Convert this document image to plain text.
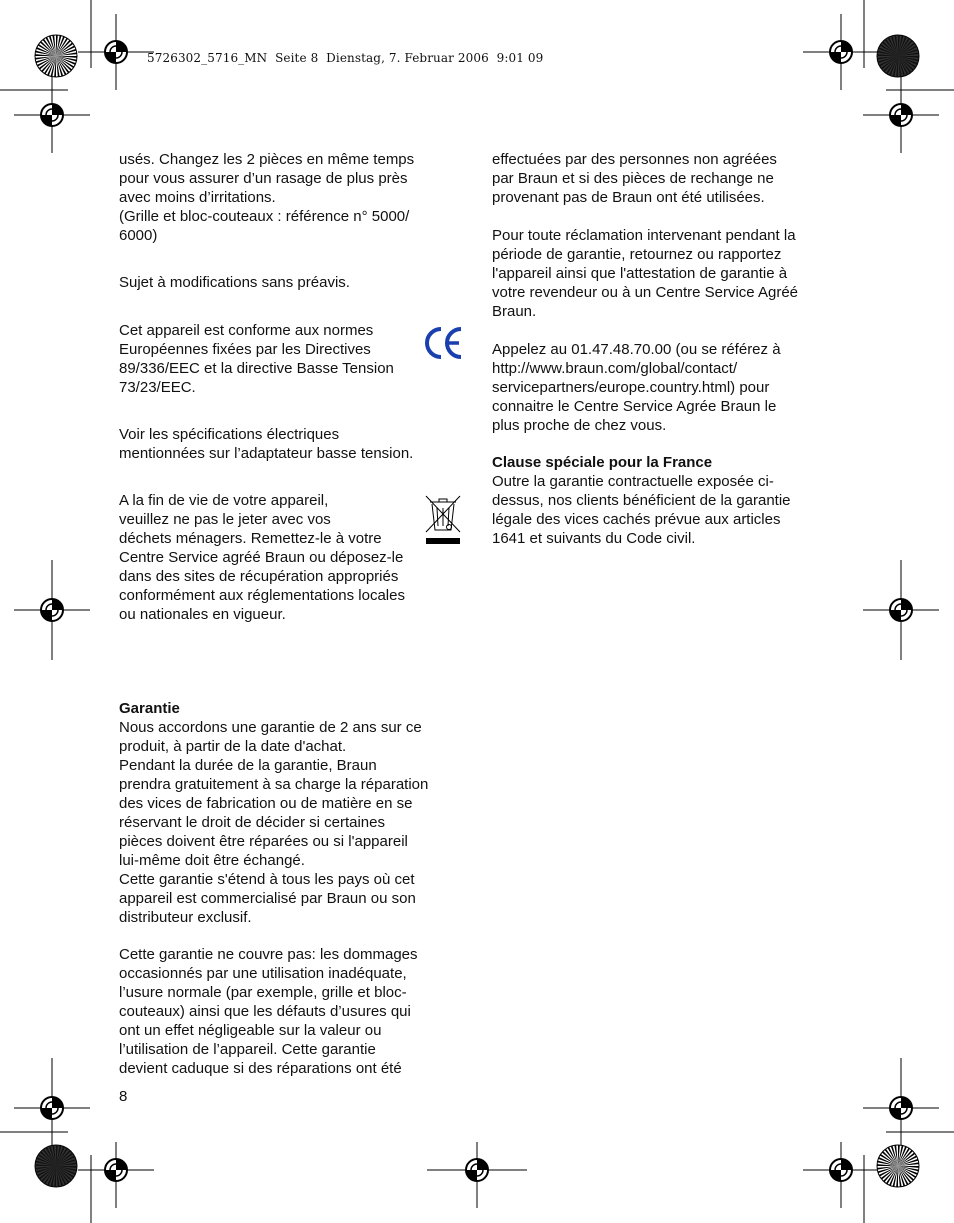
5726302_5716_MN  Seite 8  Dienstag, 7. Februar 2006  9:01 09

usés. Changez les 2 pièces en même temps
pour vous assurer d’un rasage de plus près
avec moins d’irritations.
(Grille et bloc-couteaux : référence n° 5000/
6000)

Sujet à modifications sans préavis.

Cet appareil est conforme aux normes
Européennes fixées par les Directives
89/336/EEC et la directive Basse Tension
73/23/EEC.

Voir les spécifications électriques
mentionnées sur l’adaptateur basse tension.

A la fin de vie de votre appareil,
veuillez ne pas le jeter avec vos
déchets ménagers. Remettez-le à votre
Centre Service agréé Braun ou déposez-le
dans des sites de récupération appropriés
conformément aux réglementations locales
ou nationales en vigueur.

Garantie

Nous accordons une garantie de 2 ans sur ce
produit, à partir de la date d'achat.
Pendant la durée de la garantie, Braun
prendra gratuitement à sa charge la réparation
des vices de fabrication ou de matière en se
réservant le droit de décider si certaines
pièces doivent être réparées ou si l'appareil
lui-même doit être échangé.
Cette garantie s'étend à tous les pays où cet
appareil est commercialisé par Braun ou son
distributeur exclusif.

Cette garantie ne couvre pas: les dommages
occasionnés par une utilisation inadéquate,
l’usure normale (par exemple, grille et bloc-
couteaux) ainsi que les défauts d’usures qui
ont un effet négligeable sur la valeur ou
l’utilisation de l’appareil. Cette garantie
devient caduque si des réparations ont été

effectuées par des personnes non agréées
par Braun et si des pièces de rechange ne
provenant pas de Braun ont été utilisées.

Pour toute réclamation intervenant pendant la
période de garantie, retournez ou rapportez
l'appareil ainsi que l'attestation de garantie à
votre revendeur ou à un Centre Service Agréé
Braun.

Appelez au 01.47.48.70.00 (ou se référez à
http://www.braun.com/global/contact/
servicepartners/europe.country.html) pour
connaitre le Centre Service Agrée Braun le
plus proche de chez vous.

Clause spéciale pour la France

Outre la garantie contractuelle exposée ci-
dessus, nos clients bénéficient de la garantie
légale des vices cachés prévue aux articles
1641 et suivants du Code civil.

8
